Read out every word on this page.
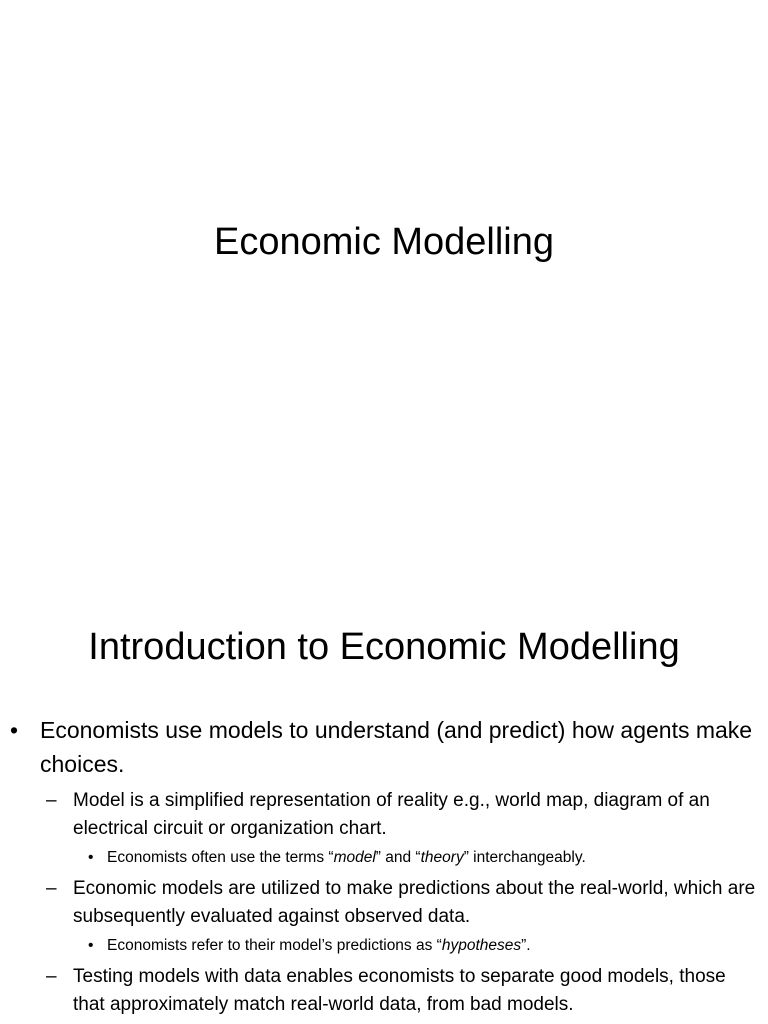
Economic Modelling
Introduction to Economic Modelling

• Economists use models to understand (and predict) how agents make choices.

– Model is a simplified representation of reality e.g., world map, diagram of an electrical circuit or organization chart.

• Economists often use the terms “model” and “theory” interchangeably.

– Economic models are utilized to make predictions about the real-world, which are subsequently evaluated against observed data.

• Economists refer to their model’s predictions as “hypotheses”.

– Testing models with data enables economists to separate good models, those that approximately match real-world data, from bad models.
